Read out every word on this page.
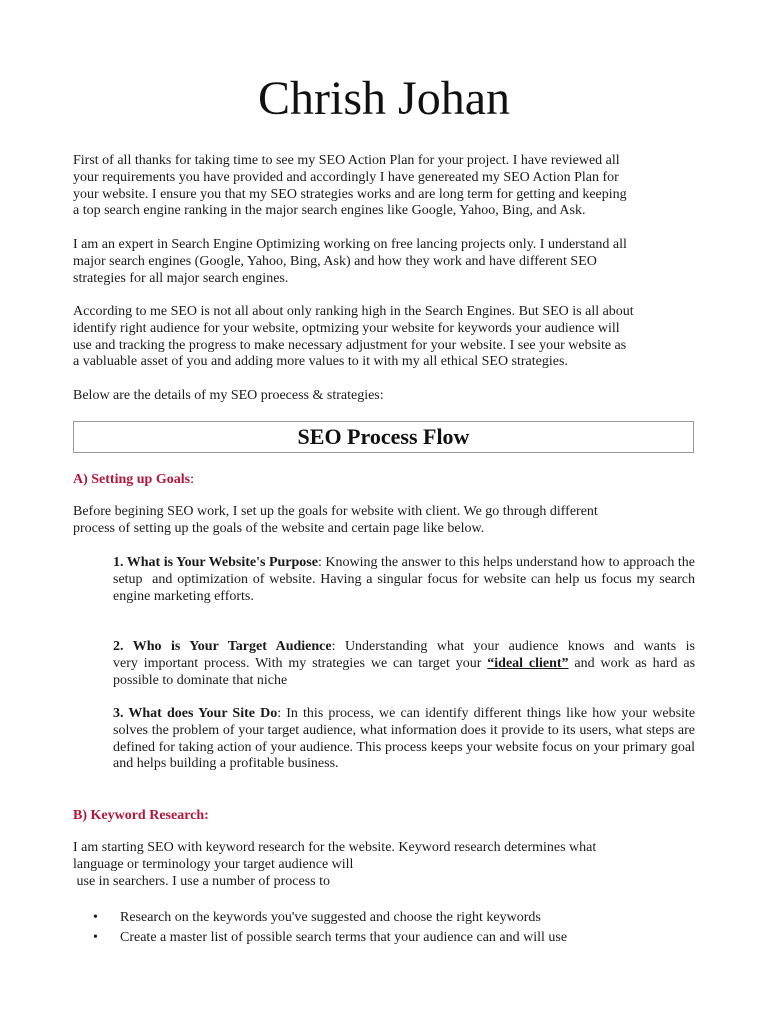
Chrish Johan

First of all thanks for taking time to see my SEO Action Plan for your project. I have reviewed all
your requirements you have provided and accordingly I have genereated my SEO Action Plan for
your website. I ensure you that my SEO strategies works and are long term for getting and keeping
a top search engine ranking in the major search engines like Google, Yahoo, Bing, and Ask.

I am an expert in Search Engine Optimizing working on free lancing projects only. I understand all
major search engines (Google, Yahoo, Bing, Ask) and how they work and have different SEO
strategies for all major search engines.

According to me SEO is not all about only ranking high in the Search Engines. But SEO is all about
identify right audience for your website, optmizing your website for keywords your audience will
use and tracking the progress to make necessary adjustment for your website. I see your website as
a vabluable asset of you and adding more values to it with my all ethical SEO strategies.

Below are the details of my SEO proecess & strategies:

SEO Process Flow
A) Setting up Goals:

Before begining SEO work, I set up the goals for website with client. We go through different
process of setting up the goals of the website and certain page like below.

1. What is Your Website's Purpose: Knowing the answer to this helps understand how to approach the setup  and optimization of website. Having a singular focus for website can help us focus my search engine marketing efforts.

2. Who is Your Target Audience: Understanding what your audience knows and wants is very important process. With my strategies we can target your “ideal client” and work as hard as possible to dominate that niche

3. What does Your Site Do: In this process, we can identify different things like how your website solves the problem of your target audience, what information does it provide to its users, what steps are defined for taking action of your audience. This process keeps your website focus on your primary goal and helps building a profitable business.

B) Keyword Research:

I am starting SEO with keyword research for the website. Keyword research determines what
language or terminology your target audience will
use in searchers. I use a number of process to

• Research on the keywords you've suggested and choose the right keywords
• Create a master list of possible search terms that your audience can and will use
